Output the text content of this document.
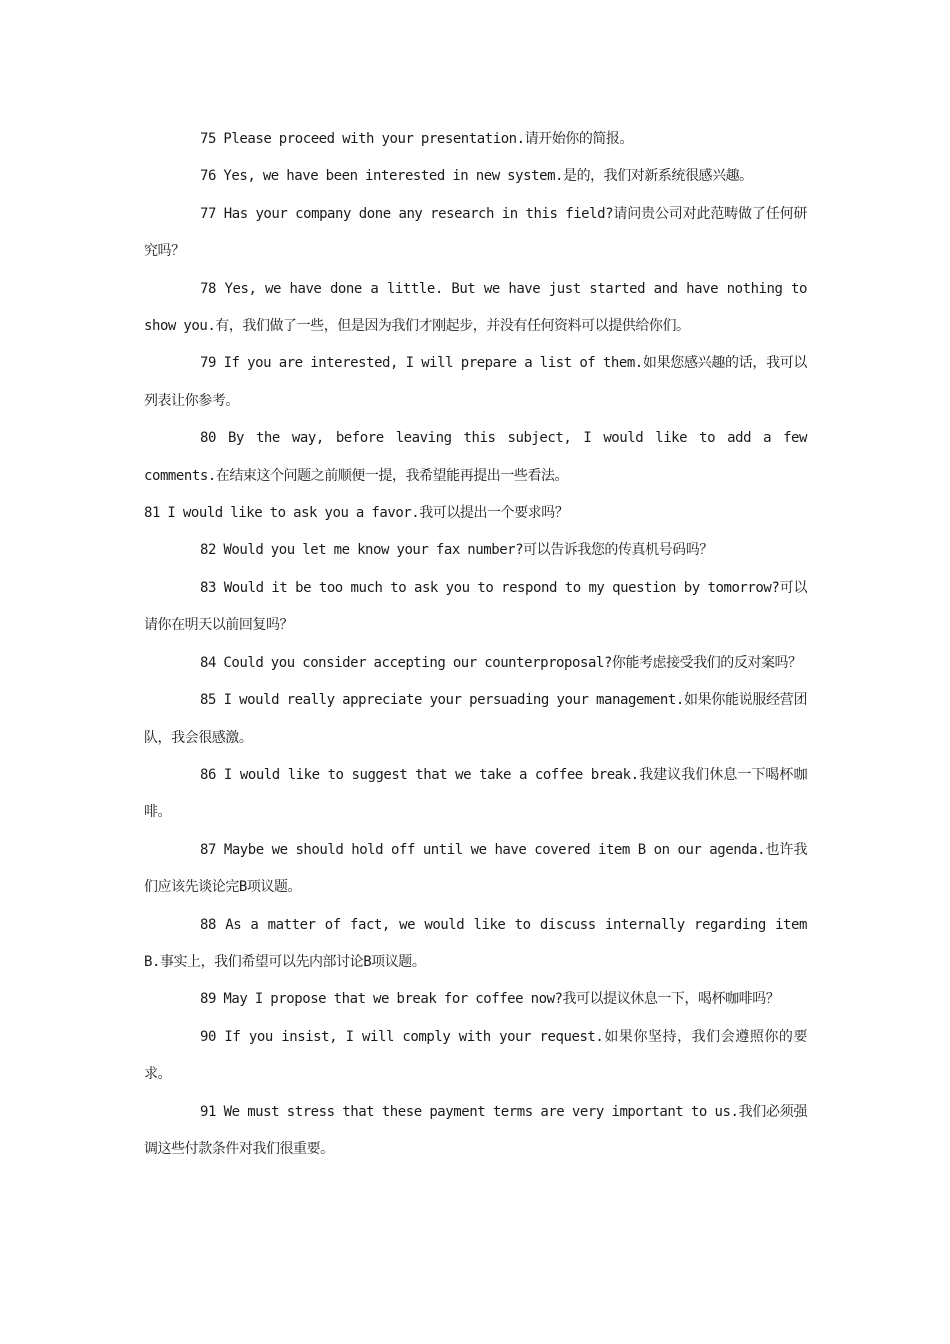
75 Please proceed with your presentation.请开始你的简报。

76 Yes, we have been interested in new system.是的，我们对新系统很感兴趣。

77 Has your company done any research in this field?请问贵公司对此范畴做了任何研究吗？

78 Yes, we have done a little. But we have just started and have nothing to show you.有，我们做了一些，但是因为我们才刚起步，并没有任何资料可以提供给你们。

79 If you are interested, I will prepare a list of them.如果您感兴趣的话，我可以列表让你参考。

80 By the way, before leaving this subject, I would like to add a few comments.在结束这个问题之前顺便一提，我希望能再提出一些看法。

81 I would like to ask you a favor.我可以提出一个要求吗？

82 Would you let me know your fax number?可以告诉我您的传真机号码吗？

83 Would it be too much to ask you to respond to my question by tomorrow?可以请你在明天以前回复吗？

84 Could you consider accepting our counterproposal?你能考虑接受我们的反对案吗？

85 I would really appreciate your persuading your management.如果你能说服经营团队，我会很感激。

86 I would like to suggest that we take a coffee break.我建议我们休息一下喝杯咖啡。

87 Maybe we should hold off until we have covered item B on our agenda.也许我们应该先谈论完B项议题。

88 As a matter of fact, we would like to discuss internally regarding item B.事实上，我们希望可以先内部讨论B项议题。

89 May I propose that we break for coffee now?我可以提议休息一下，喝杯咖啡吗？

90 If you insist, I will comply with your request.如果你坚持，我们会遵照你的要求。

91 We must stress that these payment terms are very important to us.我们必须强调这些付款条件对我们很重要。
